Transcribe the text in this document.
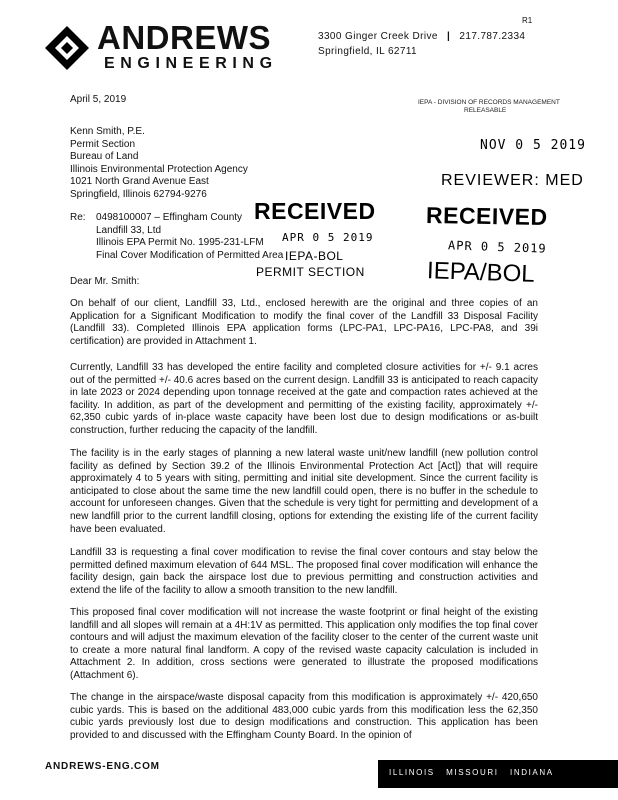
R1
ANDREWS
ENGINEERING
3300 Ginger Creek Drive | 217.787.2334
Springfield, IL 62711
April 5, 2019	IEPA - DIVISION OF RECORDS MANAGEMENT
RELEASABLE
Kenn Smith, P.E.
Permit Section
Bureau of Land
Illinois Environmental Protection Agency
1021 North Grand Avenue East
Springfield, Illinois 62794-9276
NOV 0 5 2019
REVIEWER: MED
RECEIVED
APR 0 5 2019
IEPA/BOL
RECEIVED
APR 0 5 2019
IEPA-BOL
PERMIT SECTION
Re: 0498100007 – Effingham County
Landfill 33, Ltd
Illinois EPA Permit No. 1995-231-LFM
Final Cover Modification of Permitted Area
Dear Mr. Smith:
On behalf of our client, Landfill 33, Ltd., enclosed herewith are the original and three copies of an Application for a Significant Modification to modify the final cover of the Landfill 33 Disposal Facility (Landfill 33). Completed Illinois EPA application forms (LPC-PA1, LPC-PA16, LPC-PA8, and 39i certification) are provided in Attachment 1.
Currently, Landfill 33 has developed the entire facility and completed closure activities for +/- 9.1 acres out of the permitted +/- 40.6 acres based on the current design. Landfill 33 is anticipated to reach capacity in late 2023 or 2024 depending upon tonnage received at the gate and compaction rates achieved at the facility. In addition, as part of the development and permitting of the existing facility, approximately +/- 62,350 cubic yards of in-place waste capacity have been lost due to design modifications or as-built construction, further reducing the capacity of the landfill.
The facility is in the early stages of planning a new lateral waste unit/new landfill (new pollution control facility as defined by Section 39.2 of the Illinois Environmental Protection Act [Act]) that will require approximately 4 to 5 years with siting, permitting and initial site development. Since the current facility is anticipated to close about the same time the new landfill could open, there is no buffer in the schedule to account for unforeseen changes. Given that the schedule is very tight for permitting and development of a new landfill prior to the current landfill closing, options for extending the existing life of the current facility have been evaluated.
Landfill 33 is requesting a final cover modification to revise the final cover contours and stay below the permitted defined maximum elevation of 644 MSL. The proposed final cover modification will enhance the facility design, gain back the airspace lost due to previous permitting and construction activities and extend the life of the facility to allow a smooth transition to the new landfill.
This proposed final cover modification will not increase the waste footprint or final height of the existing landfill and all slopes will remain at a 4H:1V as permitted. This application only modifies the top final cover contours and will adjust the maximum elevation of the facility closer to the center of the current waste unit to create a more natural final landform. A copy of the revised waste capacity calculation is included in Attachment 2. In addition, cross sections were generated to illustrate the proposed modifications (Attachment 6).
The change in the airspace/waste disposal capacity from this modification is approximately +/- 420,650 cubic yards. This is based on the additional 483,000 cubic yards from this modification less the 62,350 cubic yards previously lost due to design modifications and construction. This application has been provided to and discussed with the Effingham County Board. In the opinion of
ANDREWS-ENG.COM
ILLINOIS   MISSOURI   INDIANA
